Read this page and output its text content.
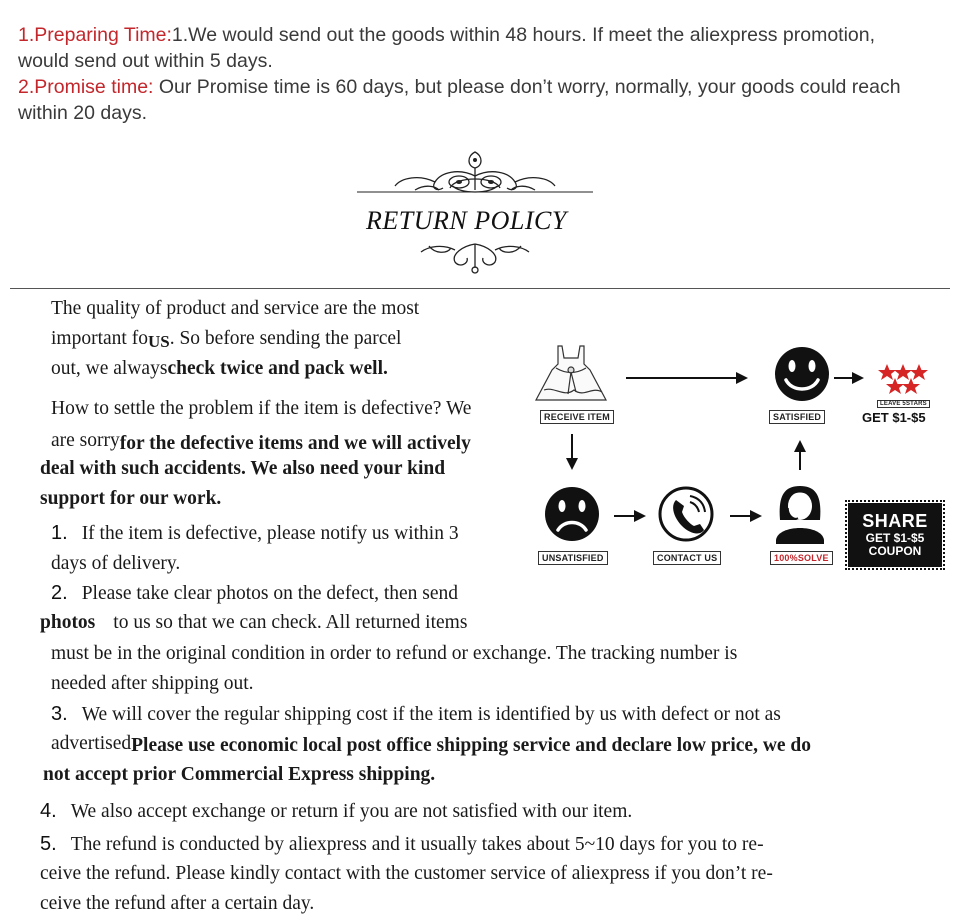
1.Preparing Time:1.We would send out the goods within 48 hours. If meet the aliexpress promotion,
would send out within 5 days.
2.Promise time: Our Promise time is 60 days, but please don’t worry, normally, your goods could reach
within 20 days.
RETURN POLICY
The quality of product and service are the most
important foUS. So before sending the parcel
out, we alwayscheck twice and pack well.
How to settle the problem if the item is defective? We
are sorryfor the defective items and we will actively
deal with such accidents. We also need your kind
support for our work.
1. If the item is defective, please notify us within 3
days of delivery.
2. Please take clear photos on the defect, then send
photos to us so that we can check. All returned items
must be in the original condition in order to refund or exchange. The tracking number is
needed after shipping out.
3. We will cover the regular shipping cost if the item is identified by us with defect or not as
advertisedPlease use economic local post office shipping service and declare low price, we do
not accept prior Commercial Express shipping.
4. We also accept exchange or return if you are not satisfied with our item.
5. The refund is conducted by aliexpress and it usually takes about 5~10 days for you to re-
ceive the refund. Please kindly contact with the customer service of aliexpress if you don’t re-
ceive the refund after a certain day.
RECEIVE ITEM	SATISFIED
LEAVE 5STARS
GET $1-$5
UNSATISFIED	CONTACT US	100%SOLVE
SHARE
GET $1-$5
COUPON
